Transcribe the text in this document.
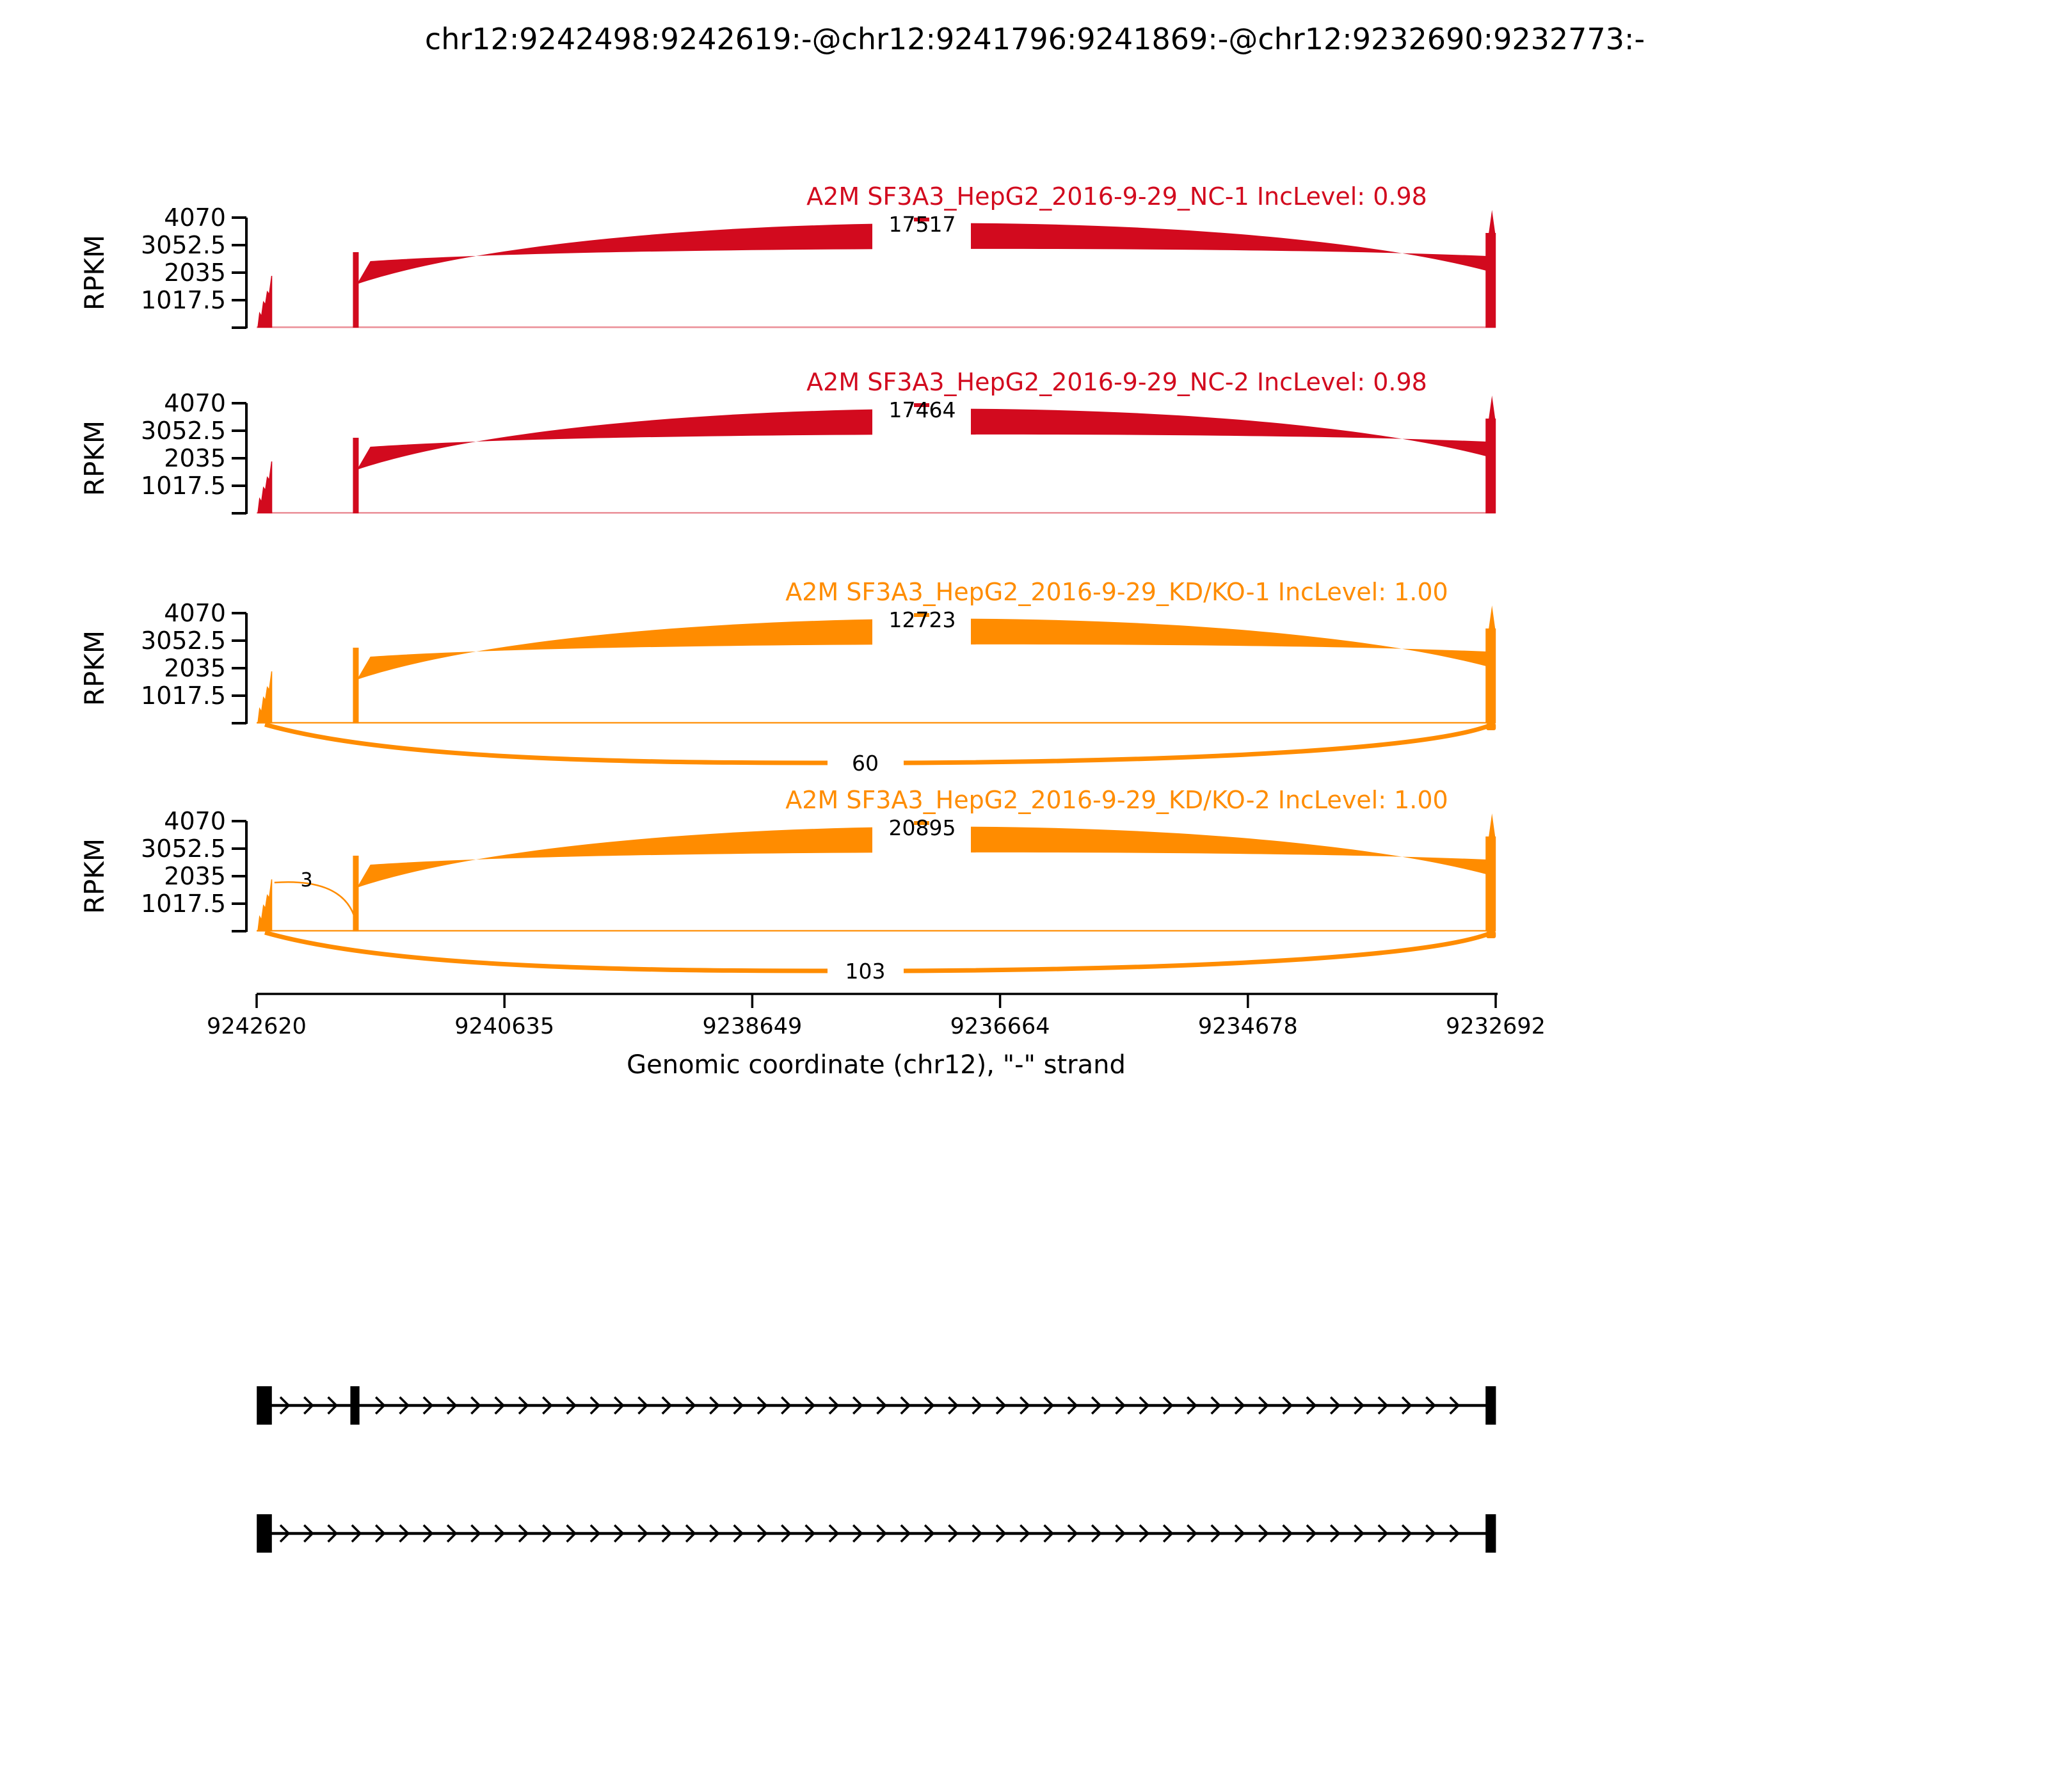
chr12:9242498:9242619:-@chr12:9241796:9241869:-@chr12:9232690:9232773:-
4070
3052.5
2035
1017.5
RPKM
17517
A2M SF3A3_HepG2_2016-9-29_NC-1 IncLevel: 0.98
4070
3052.5
2035
1017.5
RPKM
17464
A2M SF3A3_HepG2_2016-9-29_NC-2 IncLevel: 0.98
4070
3052.5
2035
1017.5
RPKM
12723
60
A2M SF3A3_HepG2_2016-9-29_KD/KO-1 IncLevel: 1.00
4070
3052.5
2035
1017.5
RPKM
20895
103
3
A2M SF3A3_HepG2_2016-9-29_KD/KO-2 IncLevel: 1.00
9242620	9240635	9238649	9236664	9234678	9232692
Genomic coordinate (chr12), "-" strand
